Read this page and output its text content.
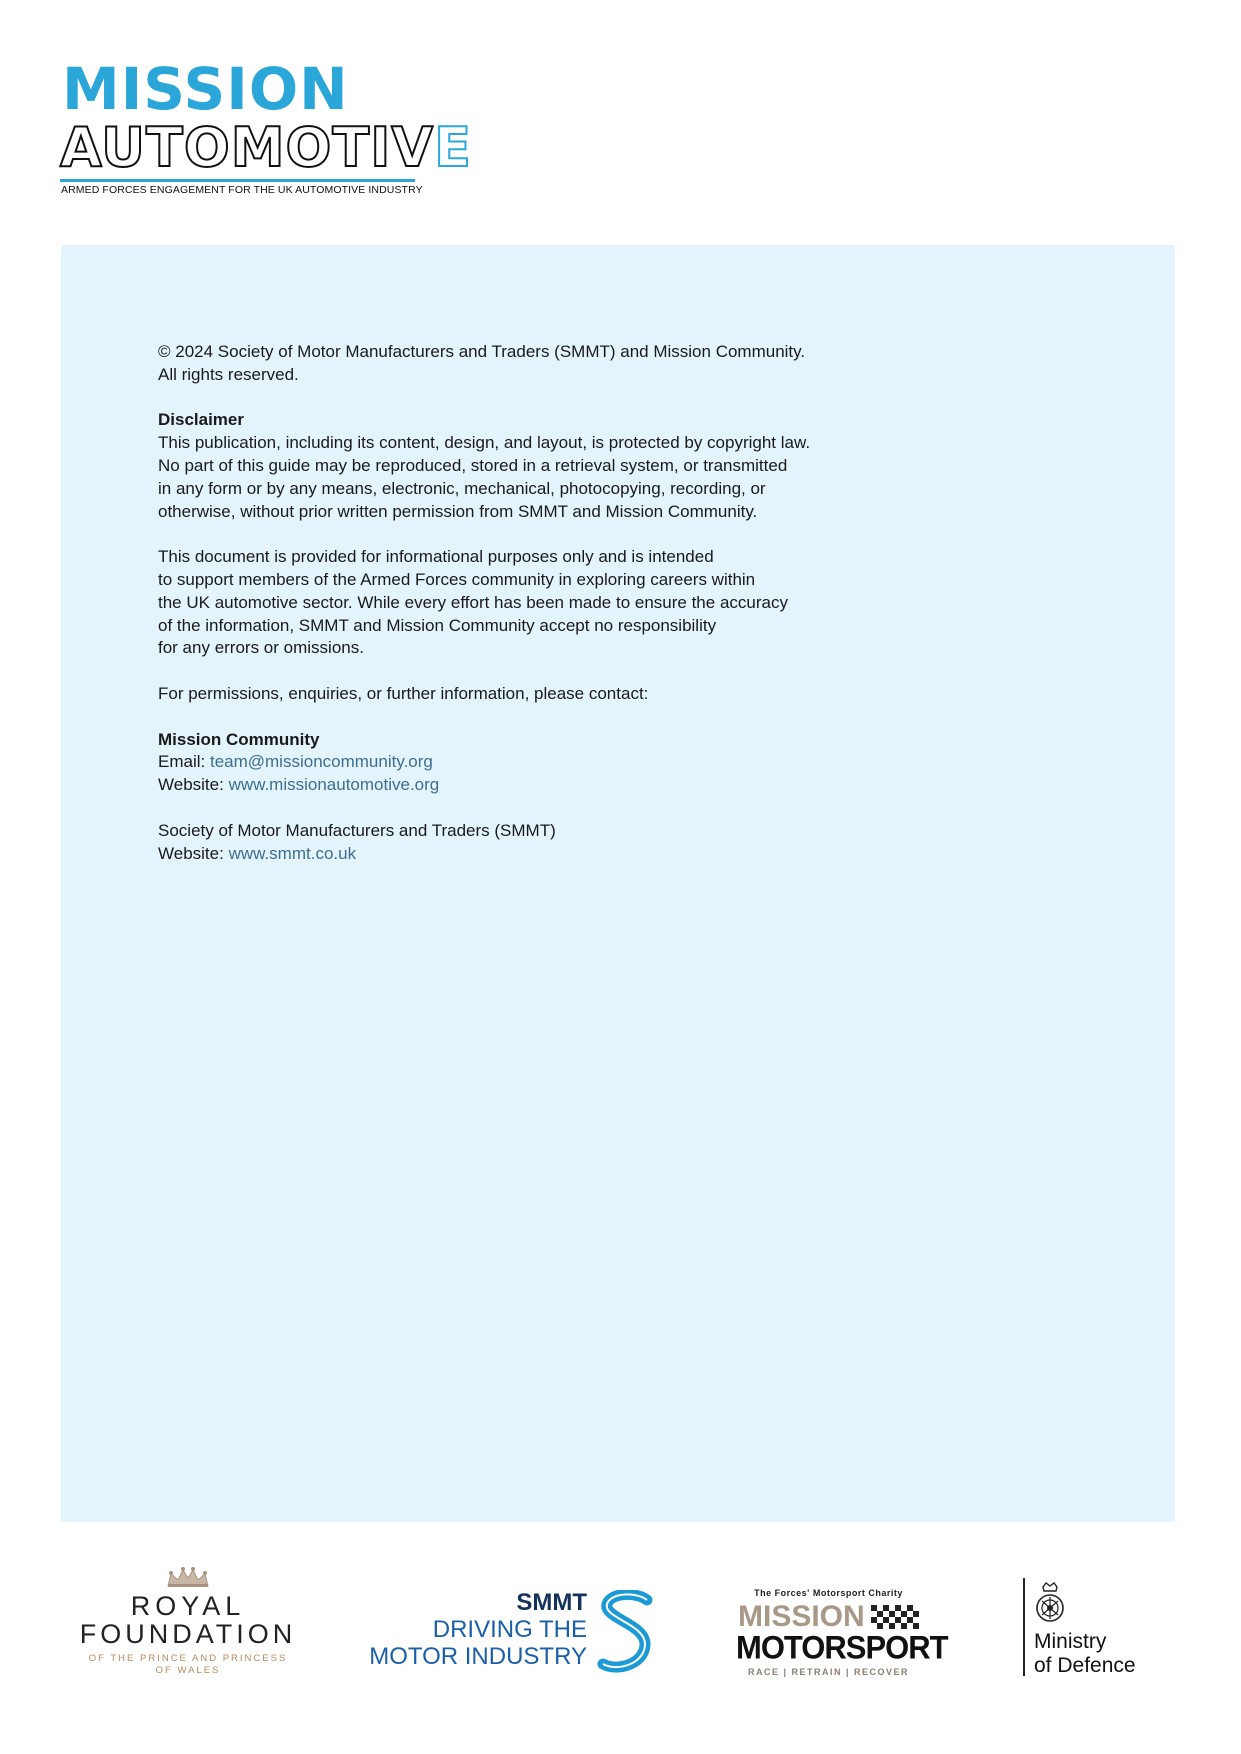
MISSION
AUTOMOTIVE
ARMED FORCES ENGAGEMENT FOR THE UK AUTOMOTIVE INDUSTRY

© 2024 Society of Motor Manufacturers and Traders (SMMT) and Mission Community.

All rights reserved.

Disclaimer

This publication, including its content, design, and layout, is protected by copyright law.

No part of this guide may be reproduced, stored in a retrieval system, or transmitted

in any form or by any means, electronic, mechanical, photocopying, recording, or

otherwise, without prior written permission from SMMT and Mission Community.

This document is provided for informational purposes only and is intended

to support members of the Armed Forces community in exploring careers within

the UK automotive sector. While every effort has been made to ensure the accuracy

of the information, SMMT and Mission Community accept no responsibility

for any errors or omissions.

For permissions, enquiries, or further information, please contact:

Mission Community

Email: team@missioncommunity.org

Website: www.missionautomotive.org

Society of Motor Manufacturers and Traders (SMMT)

Website: www.smmt.co.uk

ROYAL
FOUNDATION
OF THE PRINCE AND PRINCESS
OF WALES
SMMT
DRIVING THE
MOTOR INDUSTRY
The Forces' Motorsport Charity
MISSION
MOTORSPORT
RACE | RETRAIN | RECOVER
Ministry
of Defence
